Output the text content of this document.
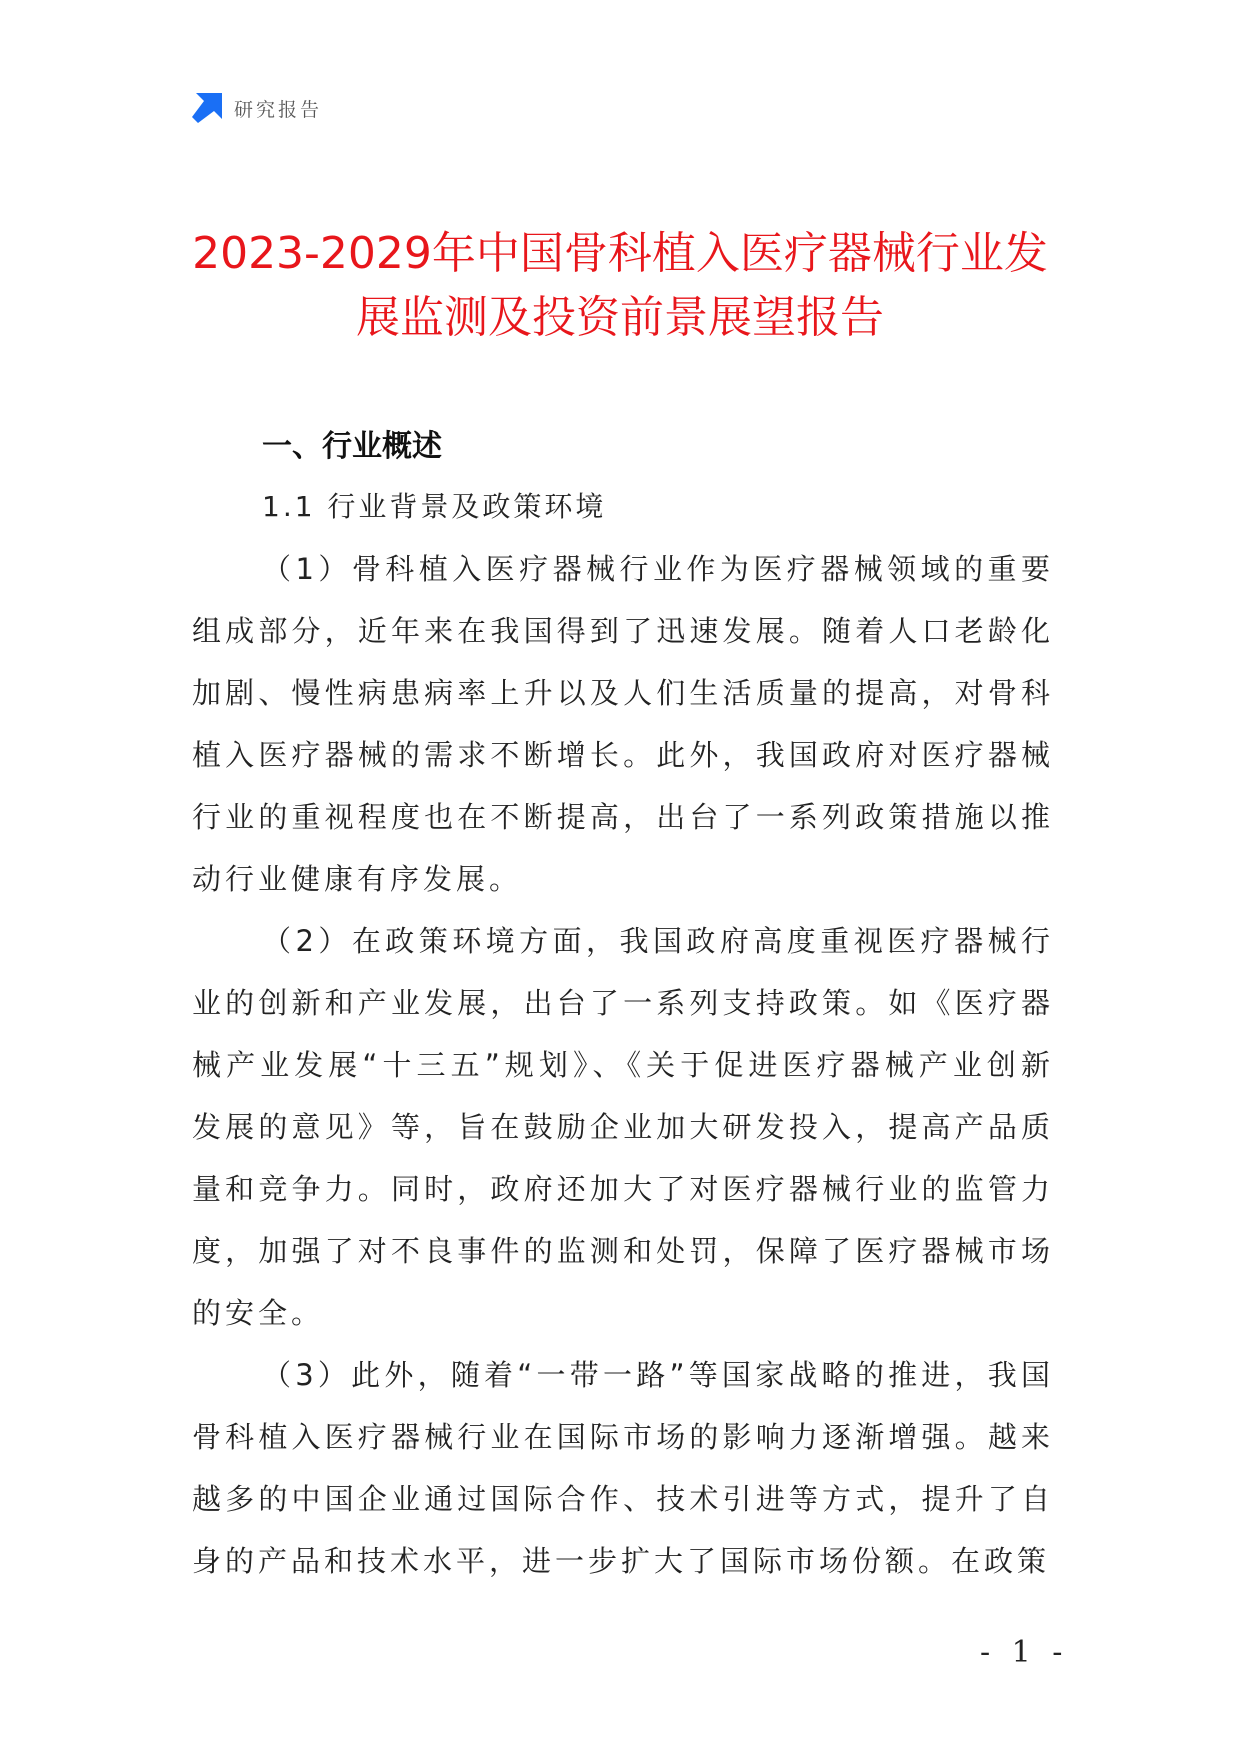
研究报告
2023-2029年中国骨科植入医疗器械行业发
展监测及投资前景展望报告
一、行业概述
1.1 行业背景及政策环境

（1）骨科植入医疗器械行业作为医疗器械领域的重要组成部分，近年来在我国得到了迅速发展。随着人口老龄化加剧、慢性病患病率上升以及人们生活质量的提高，对骨科植入医疗器械的需求不断增长。此外，我国政府对医疗器械行业的重视程度也在不断提高，出台了一系列政策措施以推动行业健康有序发展。

（2）在政策环境方面，我国政府高度重视医疗器械行业的创新和产业发展，出台了一系列支持政策。如《医疗器械产业发展“十三五”规划》、《关于促进医疗器械产业创新发展的意见》等，旨在鼓励企业加大研发投入，提高产品质量和竞争力。同时，政府还加大了对医疗器械行业的监管力度，加强了对不良事件的监测和处罚，保障了医疗器械市场的安全。

（3）此外，随着“一带一路”等国家战略的推进，我国骨科植入医疗器械行业在国际市场的影响力逐渐增强。越来越多的中国企业通过国际合作、技术引进等方式，提升了自身的产品和技术水平，进一步扩大了国际市场份额。在政策

- 1 -
